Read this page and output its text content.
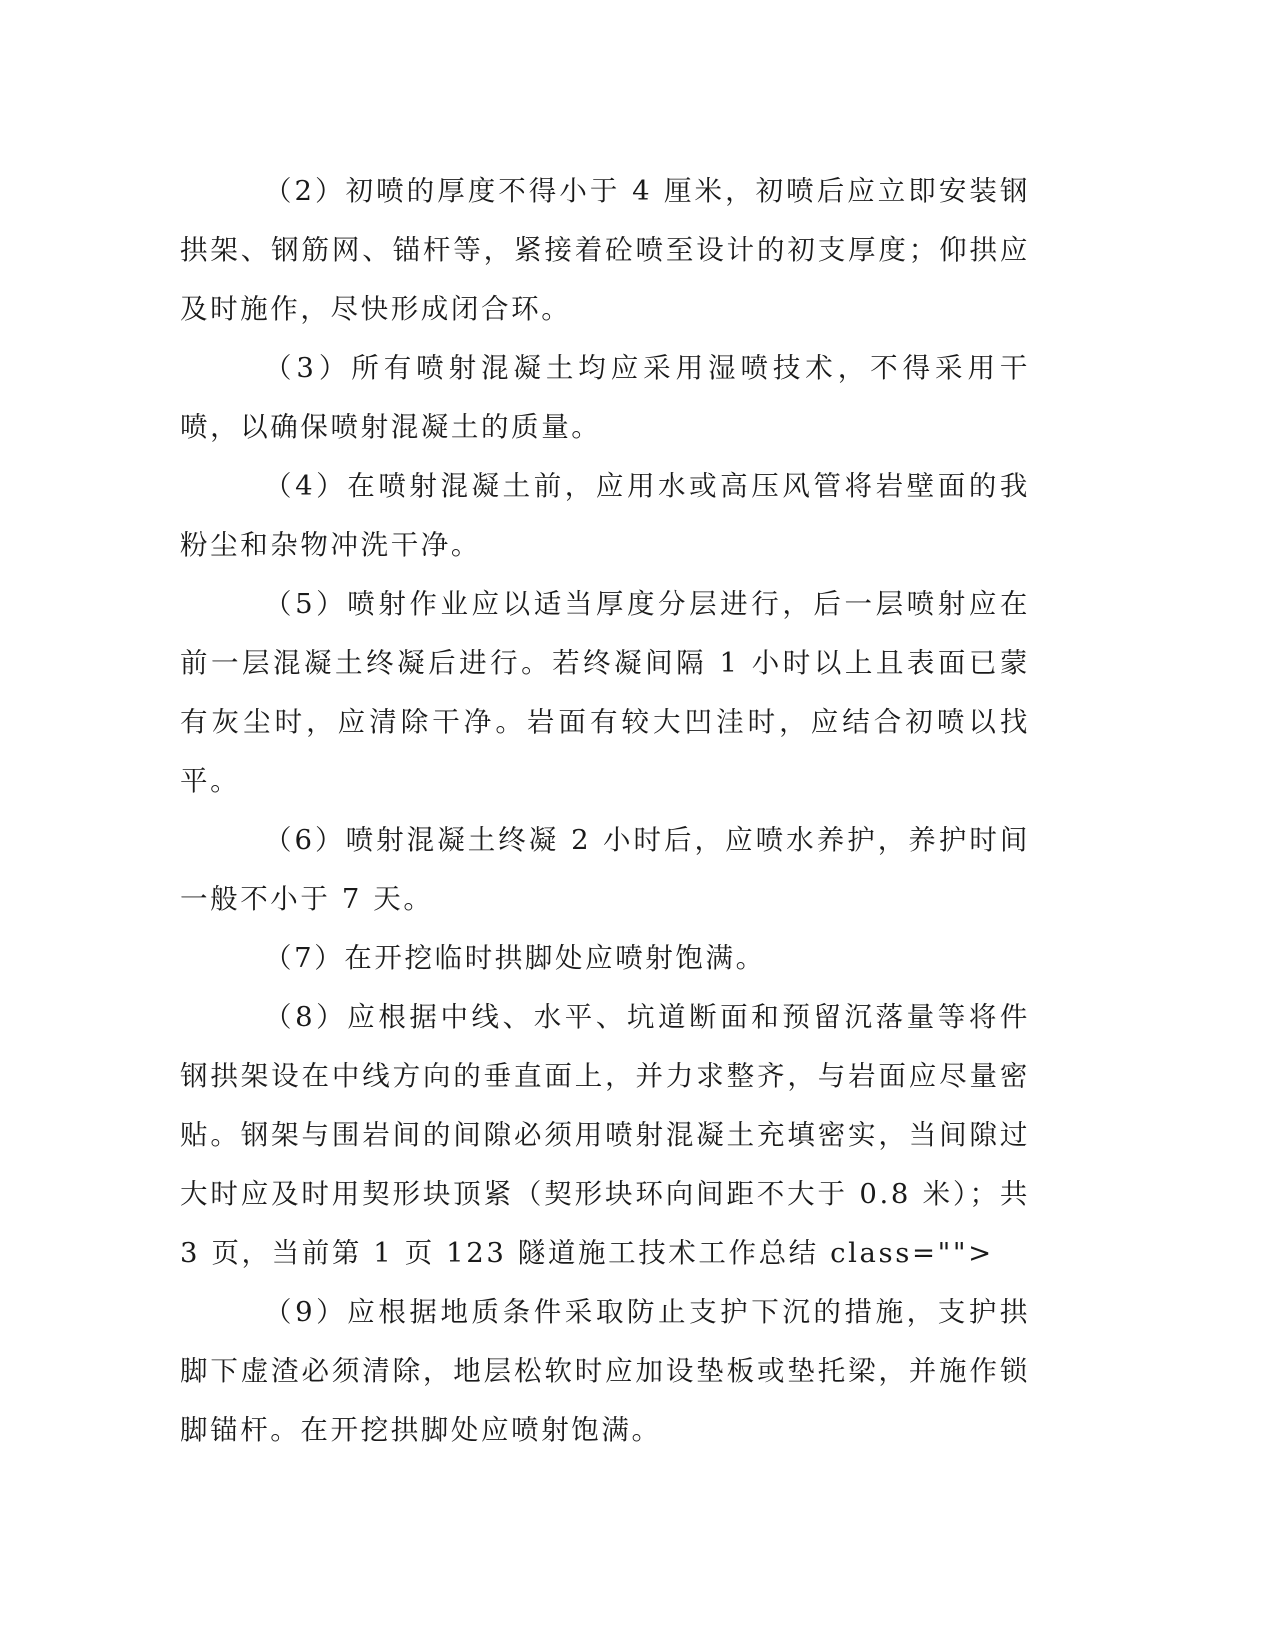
（2）初喷的厚度不得小于 4 厘米，初喷后应立即安装钢拱架、钢筋网、锚杆等，紧接着砼喷至设计的初支厚度；仰拱应及时施作，尽快形成闭合环。

（3）所有喷射混凝土均应采用湿喷技术，不得采用干喷，以确保喷射混凝土的质量。

（4）在喷射混凝土前，应用水或高压风管将岩壁面的我粉尘和杂物冲洗干净。

（5）喷射作业应以适当厚度分层进行，后一层喷射应在前一层混凝土终凝后进行。若终凝间隔 1 小时以上且表面已蒙有灰尘时，应清除干净。岩面有较大凹洼时，应结合初喷以找平。

（6）喷射混凝土终凝 2 小时后，应喷水养护，养护时间一般不小于 7 天。

（7）在开挖临时拱脚处应喷射饱满。

（8）应根据中线、水平、坑道断面和预留沉落量等将件钢拱架设在中线方向的垂直面上，并力求整齐，与岩面应尽量密贴。钢架与围岩间的间隙必须用喷射混凝土充填密实，当间隙过大时应及时用契形块顶紧（契形块环向间距不大于 0.8 米）；共 3 页，当前第 1 页 123 隧道施工技术工作总结 class="">

（9）应根据地质条件采取防止支护下沉的措施，支护拱脚下虚渣必须清除，地层松软时应加设垫板或垫托梁，并施作锁脚锚杆。在开挖拱脚处应喷射饱满。
